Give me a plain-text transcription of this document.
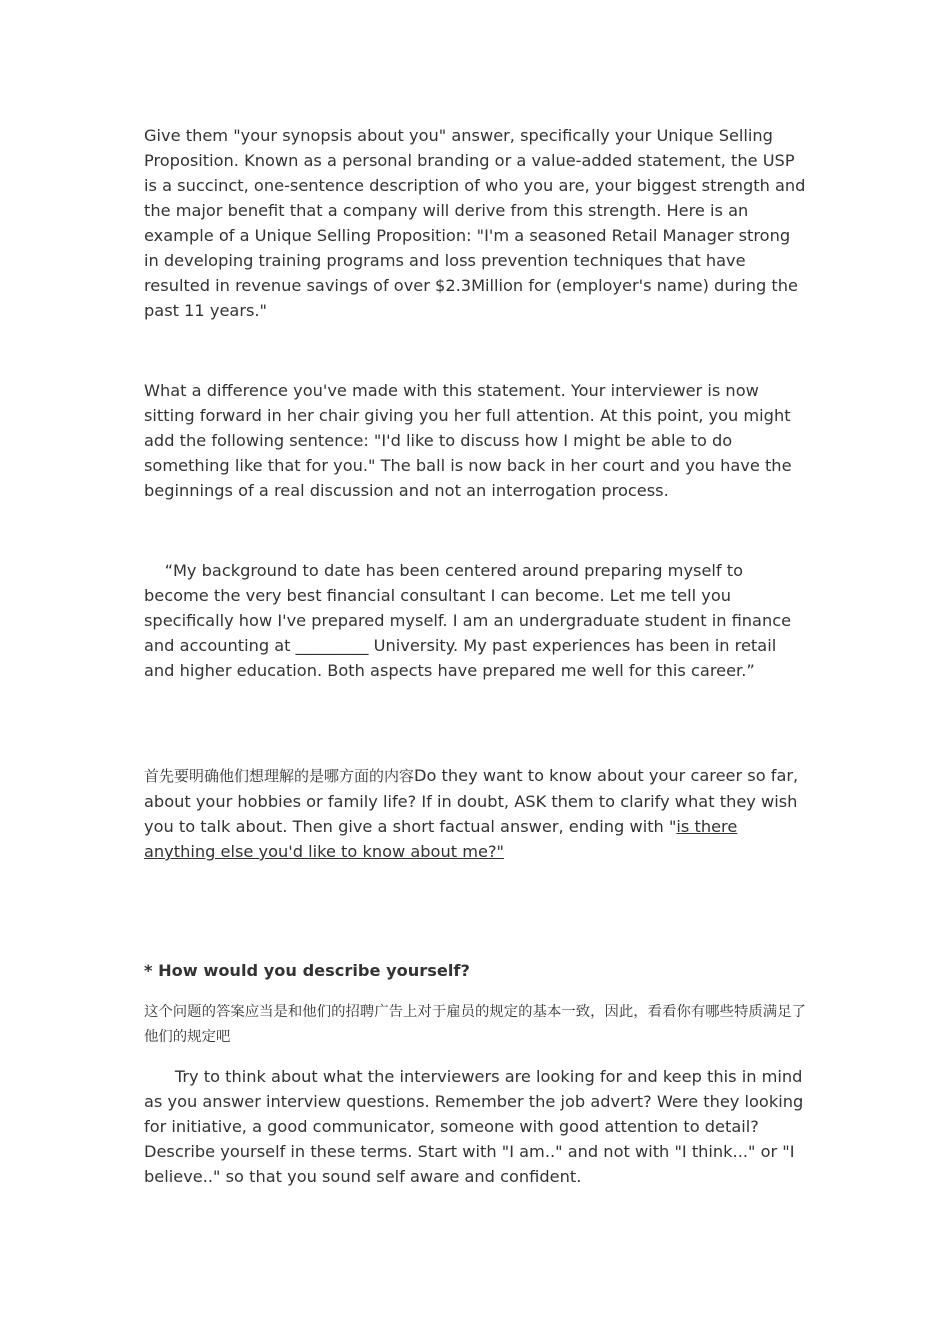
Give them "your synopsis about you" answer, specifically your Unique Selling Proposition. Known as a personal branding or a value-added statement, the USP is a succinct, one-sentence description of who you are, your biggest strength and the major benefit that a company will derive from this strength. Here is an example of a Unique Selling Proposition: "I'm a seasoned Retail Manager strong in developing training programs and loss prevention techniques that have resulted in revenue savings of over $2.3Million for (employer's name) during the past 11 years."

What a difference you've made with this statement. Your interviewer is now sitting forward in her chair giving you her full attention. At this point, you might add the following sentence: "I'd like to discuss how I might be able to do something like that for you." The ball is now back in her court and you have the beginnings of a real discussion and not an interrogation process.

“My background to date has been centered around preparing myself to become the very best financial consultant I can become. Let me tell you specifically how I've prepared myself. I am an undergraduate student in finance and accounting at _________ University. My past experiences has been in retail and higher education. Both aspects have prepared me well for this career.”

首先要明确他们想理解的是哪方面的内容Do they want to know about your career so far, about your hobbies or family life? If in doubt, ASK them to clarify what they wish you to talk about. Then give a short factual answer, ending with "is there anything else you'd like to know about me?"

* How would you describe yourself?

这个问题的答案应当是和他们的招聘广告上对于雇员的规定的基本一致，因此，看看你有哪些特质满足了他们的规定吧

Try to think about what the interviewers are looking for and keep this in mind as you answer interview questions. Remember the job advert? Were they looking for initiative, a good communicator, someone with good attention to detail? Describe yourself in these terms. Start with "I am.." and not with "I think..." or "I believe.." so that you sound self aware and confident.
